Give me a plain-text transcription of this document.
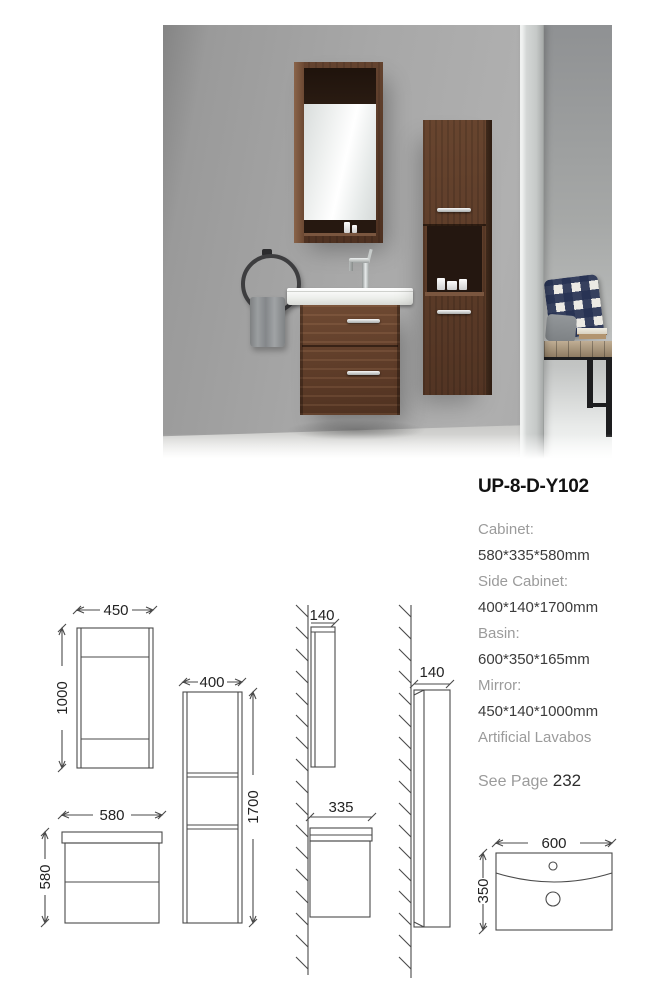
UP-8-D-Y102
Cabinet:
580*335*580mm
Side Cabinet:
400*140*1700mm
Basin:
600*350*165mm
Mirror:
450*140*1000mm
Artificial Lavabos
See Page 232
450
1000	400
1700
580
580
140
335
140
600
350
